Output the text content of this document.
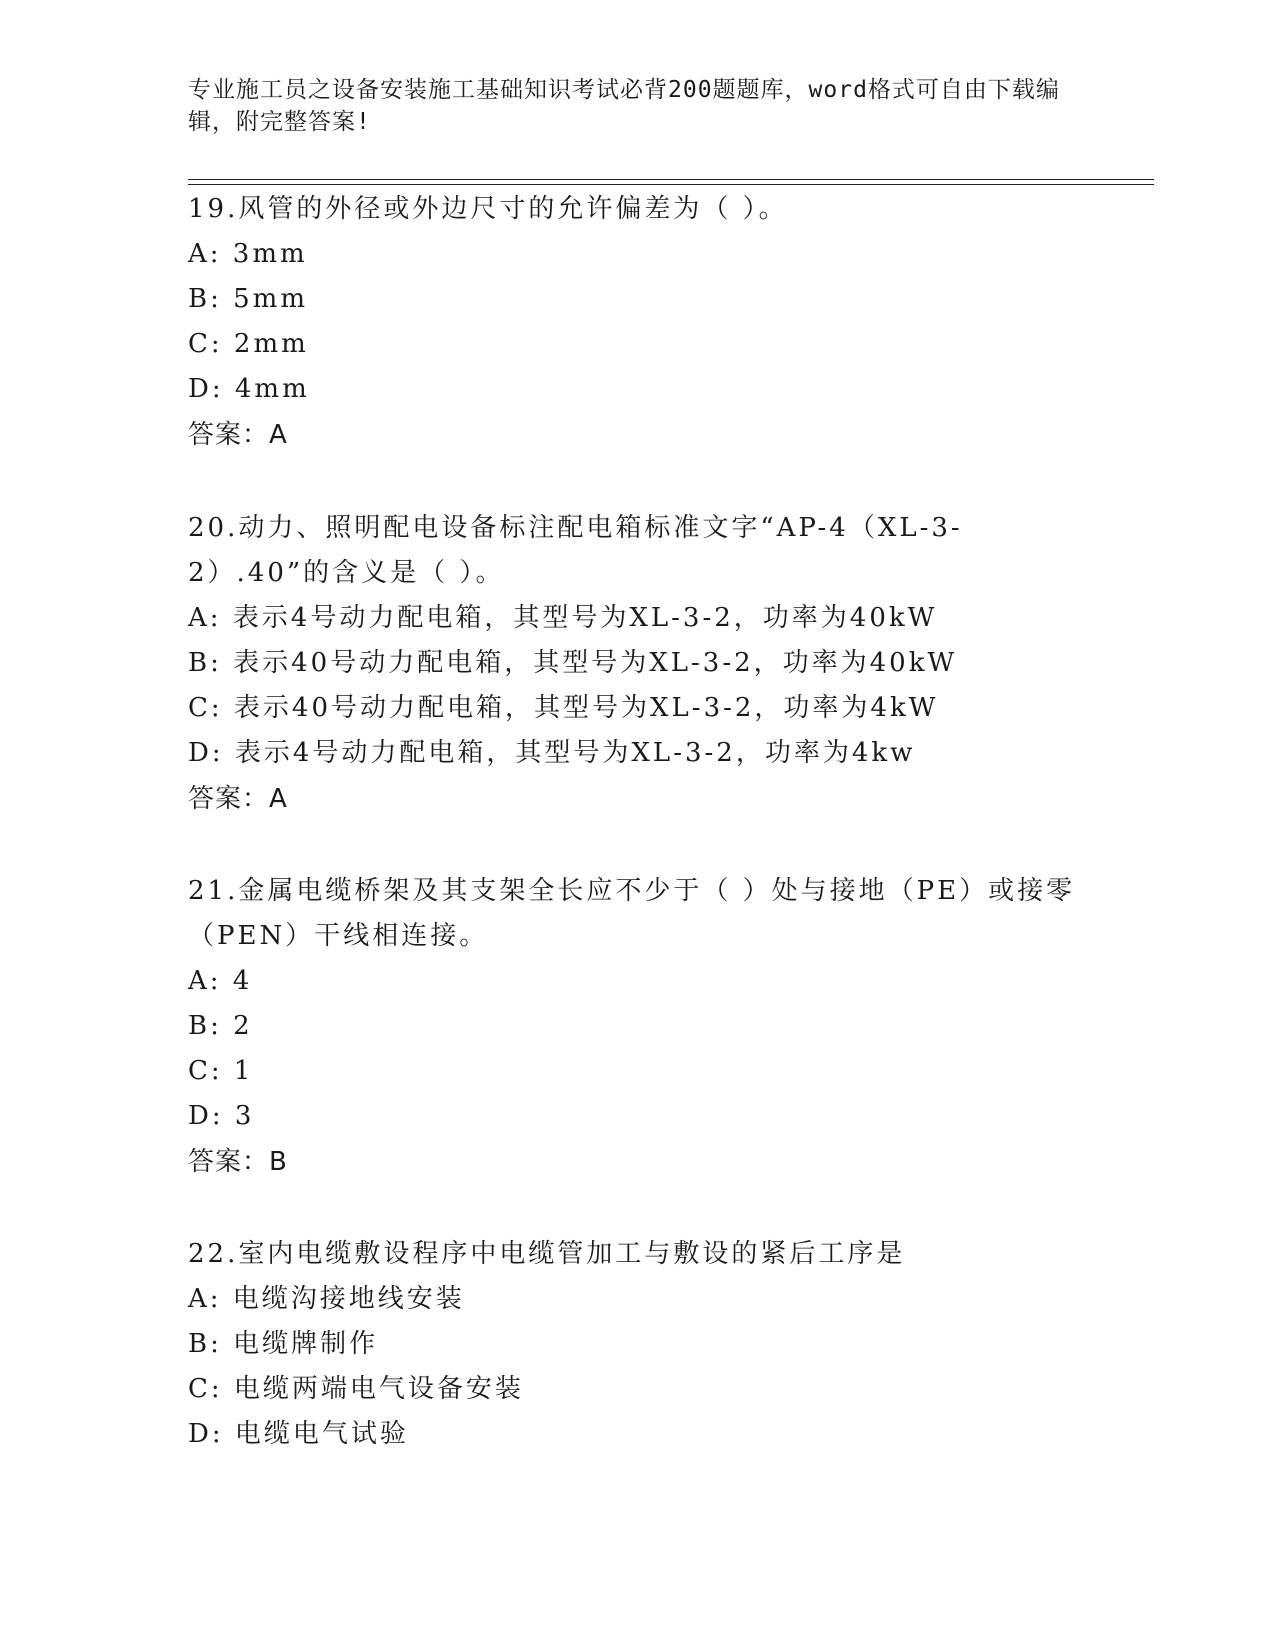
专业施工员之设备安装施工基础知识考试必背200题题库，word格式可自由下载编辑，附完整答案!
19.风管的外径或外边尺寸的允许偏差为（ ）。
A: 3mm
B: 5mm
C: 2mm
D: 4mm
答案：A
20.动力、照明配电设备标注配电箱标准文字“AP-4（XL-3-2）.40”的含义是（ ）。
A: 表示4号动力配电箱，其型号为XL-3-2，功率为40kW
B: 表示40号动力配电箱，其型号为XL-3-2，功率为40kW
C: 表示40号动力配电箱，其型号为XL-3-2，功率为4kW
D: 表示4号动力配电箱，其型号为XL-3-2，功率为4kw
答案：A
21.金属电缆桥架及其支架全长应不少于（ ）处与接地（PE）或接零（PEN）干线相连接。
A: 4
B: 2
C: 1
D: 3
答案：B
22.室内电缆敷设程序中电缆管加工与敷设的紧后工序是
A: 电缆沟接地线安装
B: 电缆牌制作
C: 电缆两端电气设备安装
D: 电缆电气试验
